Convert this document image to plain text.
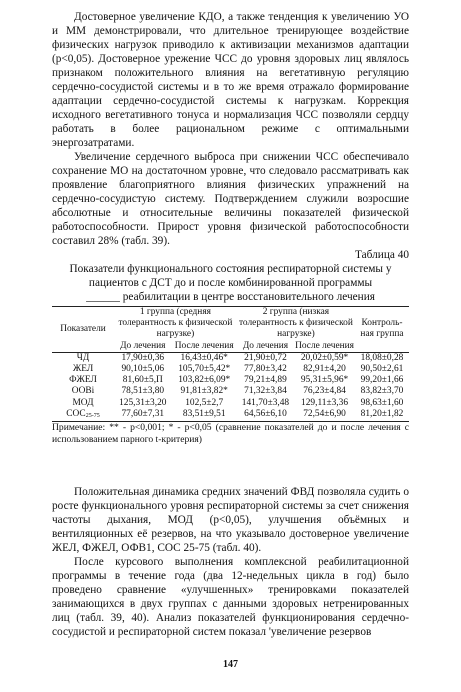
Достоверное увеличение КДО, а также тенденция к увеличению УО и ММ демонстрировали, что длительное тренирующее воздействие физических нагрузок приводило к активизации механизмов адаптации (р<0,05). Достоверное урежение ЧСС до уровня здоровых лиц являлось признаком положительного влияния на вегетативную регуляцию сердечно-сосудистой системы и в то же время отражало формирование адаптации сердечно-сосудистой системы к нагрузкам. Коррекция исходного вегетативного тонуса и нормализация ЧСС позволяли сердцу работать в более рациональном режиме с оптимальными энергозатратами.

Увеличение сердечного выброса при снижении ЧСС обеспечивало сохранение МО на достаточном уровне, что следовало рассматривать как проявление благоприятного влияния физических упражнений на сердечно-сосудистую систему. Подтверждением служили возросшие абсолютные и относительные величины показателей физической работоспособности. Прирост уровня физической работоспособности составил 28% (табл. 39).

Таблица 40

Показатели функционального состояния респираторной системы у

пациентов с ДСТ до и после комбинированной программы

______ реабилитации в центре восстановительного лечения

Показатели	1 группа (средняя толерантность к физической нагрузке)		2 группа (низкая толерантность к физической нагрузке)		Контроль-ная группа
	До лечения	После лечения	До лечения	После лечения	
ЧД	17,90±0,36	16,43±0,46*	21,90±0,72	20,02±0,59*	18,08±0,28
ЖЕЛ	90,10±5,06	105,70±5,42*	77,80±3,42	82,91±4,20	90,50±2,61
ФЖЕЛ	81,60±5,П	103,82±6,09*	79,21±4,89	95,31±5,96*	99,20±1,66
ООВі	78,51±3,80	91,81±3,82*	71,32±3,84	76,23±4,84	83,82±3,70
МОД	125,31±3,20	102,5±2,7	141,70±3,48	129,11±3,36	98,63±1,60
$СОС_{25-75}$	77,60±7,31	83,51±9,51	64,56±6,10	72,54±6,90	81,20±1,82

Примечание: ** - р<0,001; * - р<0,05 (сравнение показателей до и после лечения с использованием парного t-критерия)

Положительная динамика средних значений ФВД позволяла судить о росте функционального уровня респираторной системы за счет снижения частоты дыхания, МОД (р<0,05), улучшения объёмных и вентиляционных её резервов, на что указывало достоверное увеличение ЖЕЛ, ФЖЕЛ, ОФВ1, СОС 25-75 (табл. 40).

После курсового выполнения комплексной реабилитационной программы в течение года (два 12-недельных цикла в год) было проведено сравнение «улучшенных» тренировками показателей занимающихся в двух группах с данными здоровых нетренированных лиц (табл. 39, 40). Анализ показателей функционирования сердечно-сосудистой и респираторной систем показал 'увеличение резервов

147
